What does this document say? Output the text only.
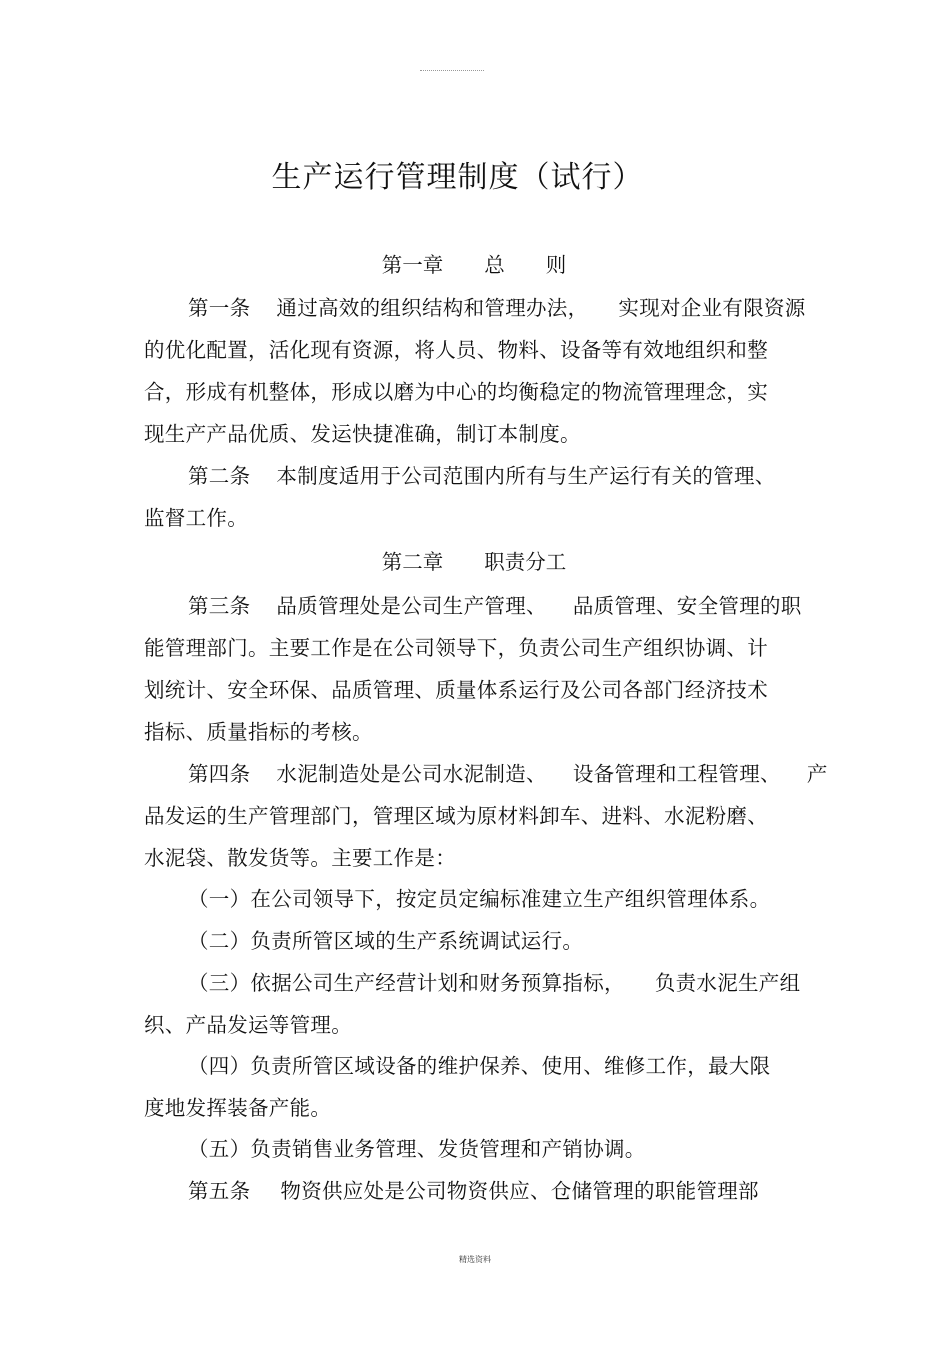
生产运行管理制度（试行）
第一章　　总　　则
第一条 通过高效的组织结构和管理办法， 实现对企业有限资源
的优化配置，活化现有资源，将人员、物料、设备等有效地组织和整
合，形成有机整体，形成以磨为中心的均衡稳定的物流管理理念，实
现生产产品优质、发运快捷准确，制订本制度。
第二条 本制度适用于公司范围内所有与生产运行有关的管理、
监督工作。
第二章　　职责分工
第三条 品质管理处是公司生产管理、 品质管理、安全管理的职
能管理部门。主要工作是在公司领导下，负责公司生产组织协调、计
划统计、安全环保、品质管理、质量体系运行及公司各部门经济技术
指标、质量指标的考核。
第四条 水泥制造处是公司水泥制造、 设备管理和工程管理、 产
品发运的生产管理部门，管理区域为原材料卸车、进料、水泥粉磨、
水泥袋、散发货等。主要工作是：
（一）在公司领导下，按定员定编标准建立生产组织管理体系。
（二）负责所管区域的生产系统调试运行。
（三）依据公司生产经营计划和财务预算指标， 负责水泥生产组
织、产品发运等管理。
（四）负责所管区域设备的维护保养、使用、维修工作，最大限
度地发挥装备产能。
（五）负责销售业务管理、发货管理和产销协调。
第五条 物资供应处是公司物资供应、仓储管理的职能管理部
精选资料
